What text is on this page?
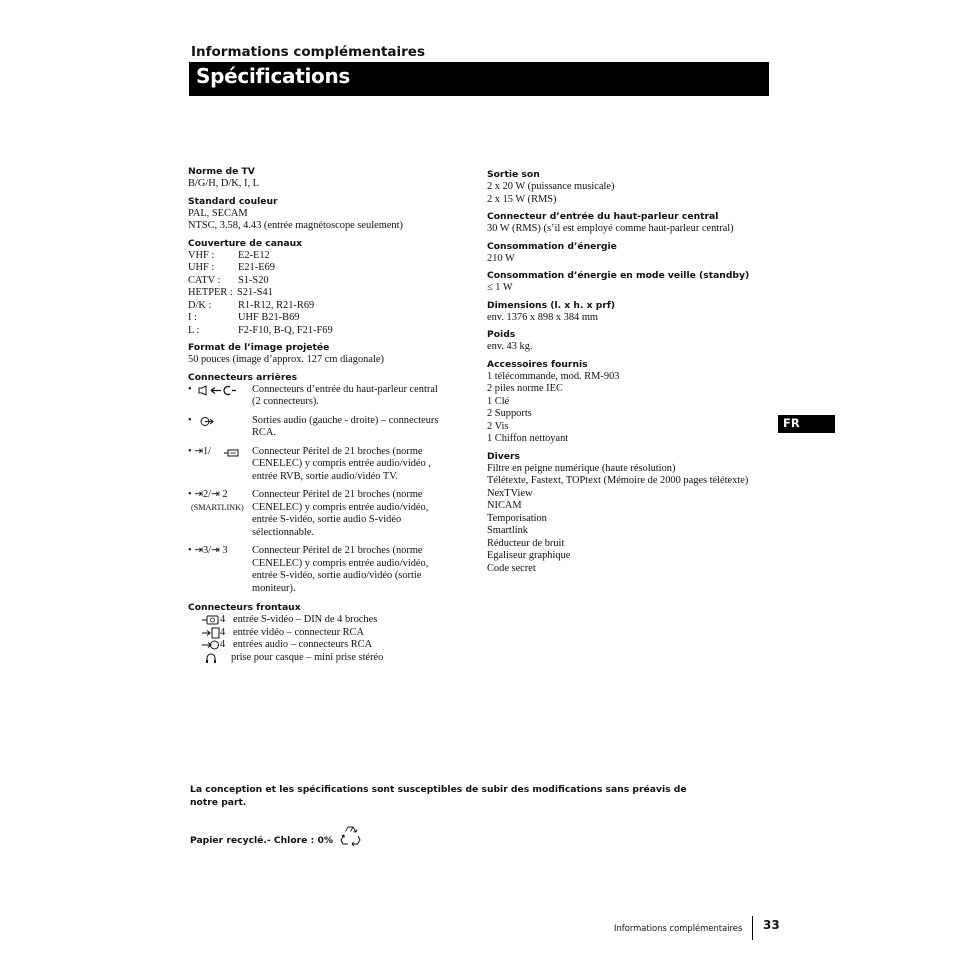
Informations complémentaires
Spécifications
Norme de TV
B/G/H, D/K, I, L
Standard couleur
PAL, SECAM
NTSC, 3.58, 4.43 (entrée magnétoscope seulement)
Couverture de canaux
VHF : E2-E12
UHF : E21-E69
CATV : S1-S20
HETPER : S21-S41
D/K :	R1-R12, R21-R69
I :	UHF B21-B69
L :	F2-F10, B-Q, F21-F69
Format de l’image projetée
50 pouces (image d’approx. 127 cm diagonale)
Connecteurs arrières
•	Connecteurs d’entrée du haut-parleur central
(2 connecteurs).
•	Sorties audio (gauche - droite) – connecteurs
RCA.
• ⇥1/	Connecteur Péritel de 21 broches (norme
CENELEC) y compris entrée audio/vidéo ,
entrée RVB, sortie audio/vidéo TV.
• ⇥2/⇥ 2
(SMARTLINK)
Connecteur Péritel de 21 broches (norme
CENELEC) y compris entrée audio/vidéo,
entrée S-vidéo, sortie audio S-vidéo
sélectionnable.
• ⇥3/⇥ 3	Connecteur Péritel de 21 broches (norme
CENELEC) y compris entrée audio/vidéo,
entrée S-vidéo, sortie audio/vidéo (sortie
moniteur).
Connecteurs frontaux
4 entrée S-vidéo – DIN de 4 broches
4 entrée vidéo – connecteur RCA
4 entrées audio – connecteurs RCA
prise pour casque – mini prise stéréo
Sortie son
2 x 20 W (puissance musicale)
2 x 15 W (RMS)
Connecteur d’entrée du haut-parleur central
30 W (RMS) (s’il est employé comme haut-parleur central)
Consommation d’énergie
210 W
Consommation d’énergie en mode veille (standby)
≤ 1 W
Dimensions (l. x h. x prf)
env. 1376 x 898 x 384 mm
Poids
env. 43 kg.
Accessoires fournis
1 télécommande, mod. RM-903
2 piles norme IEC
1 Clé
2 Supports
2 Vis
1 Chiffon nettoyant
Divers
Filtre en peigne numérique (haute résolution)
Télétexte, Fastext, TOPtext (Mémoire de 2000 pages télétexte)
NexTView
NICAM
Temporisation
Smartlink
Réducteur de bruit
Egaliseur graphique
Code secret
FR
La conception et les spécifications sont susceptibles de subir des modifications sans préavis de notre part.
Papier recyclé.- Chlore : 0%
Informations complémentaires 33
